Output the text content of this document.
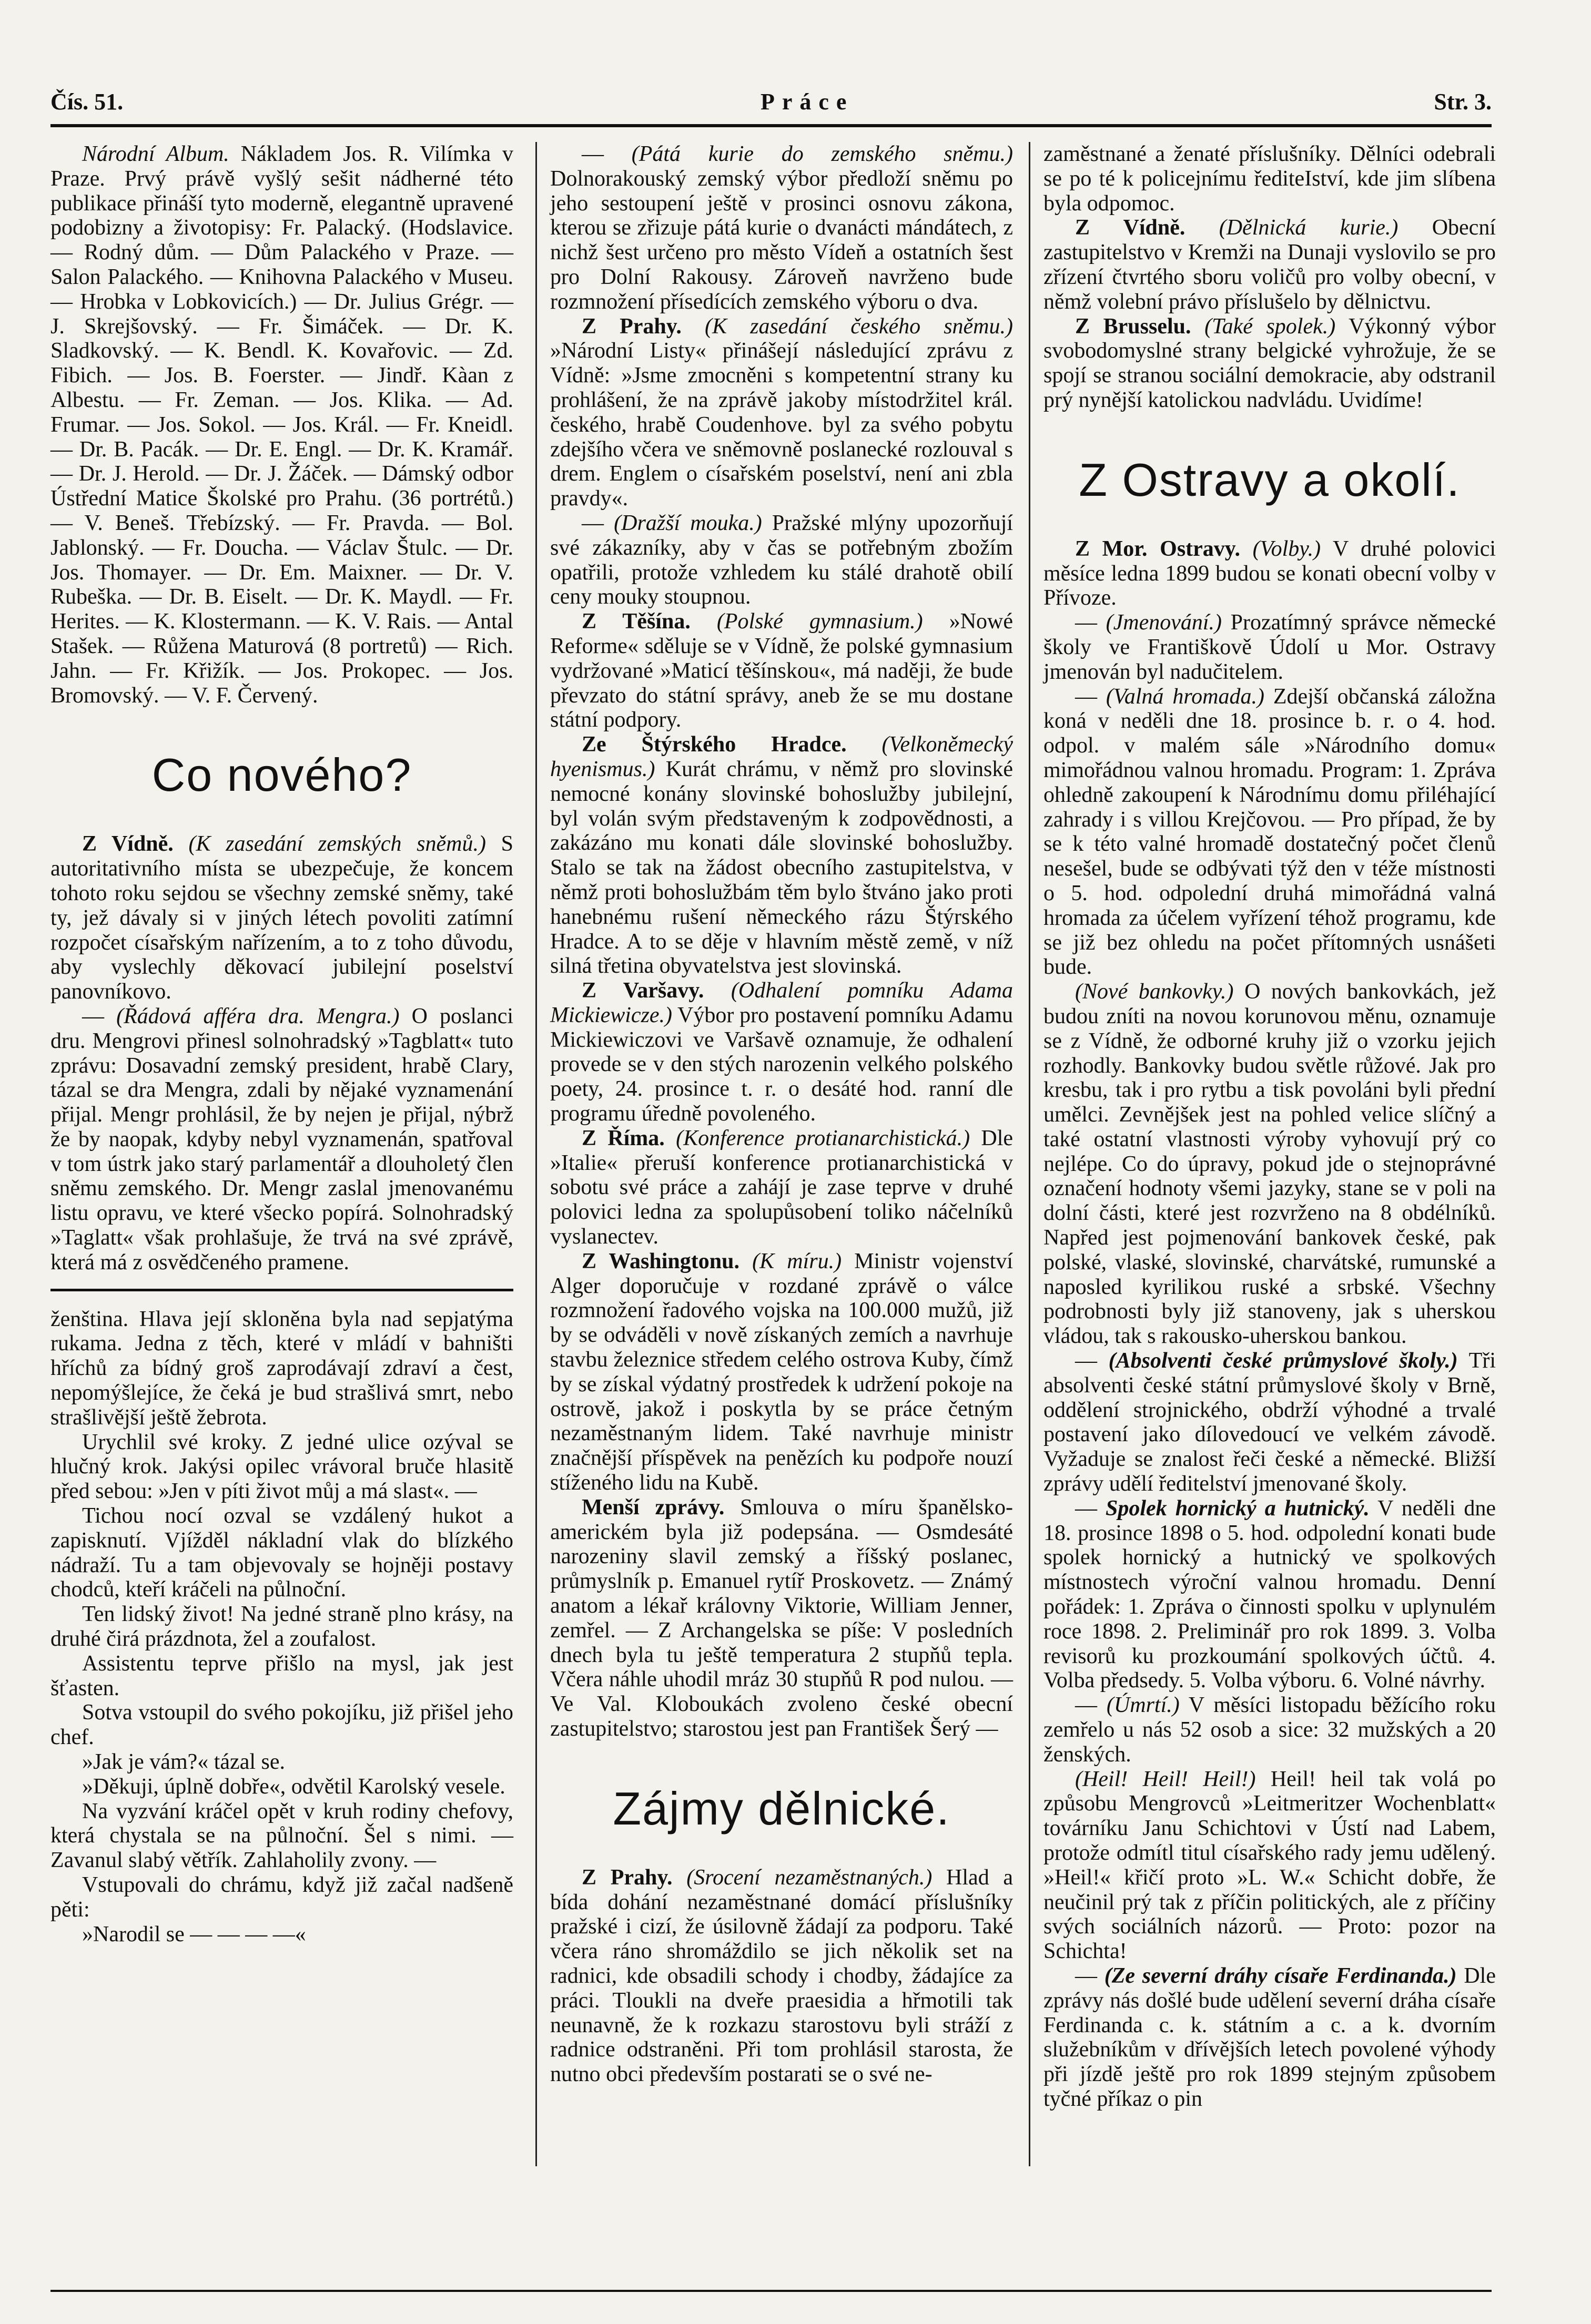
Čís. 51.	Práce	Str. 3.

Národní Album. Nákladem Jos. R. Vilímka v Praze. Prvý právě vyšlý sešit nádherné této publikace přináší tyto moderně, elegantně upravené podobizny a životopisy: Fr. Palacký. (Hodslavice. — Rodný dům. — Dům Palackého v Praze. — Salon Palackého. — Knihovna Palackého v Museu. — Hrobka v Lobkovicích.) — Dr. Julius Grégr. — J. Skrejšovský. — Fr. Šimáček. — Dr. K. Sladkovský. — K. Bendl. K. Kovařovic. — Zd. Fibich. — Jos. B. Foerster. — Jindř. Kàan z Albestu. — Fr. Zeman. — Jos. Klika. — Ad. Frumar. — Jos. Sokol. — Jos. Král. — Fr. Kneidl. — Dr. B. Pacák. — Dr. E. Engl. — Dr. K. Kramář. — Dr. J. Herold. — Dr. J. Žáček. — Dámský odbor Ústřední Matice Školské pro Prahu. (36 portrétů.) — V. Beneš. Třebízský. — Fr. Pravda. — Bol. Jablonský. — Fr. Doucha. — Václav Štulc. — Dr. Jos. Thomayer. — Dr. Em. Maixner. — Dr. V. Rubeška. — Dr. B. Eiselt. — Dr. K. Maydl. — Fr. Herites. — K. Klostermann. — K. V. Rais. — Antal Stašek. — Růžena Maturová (8 portretů) — Rich. Jahn. — Fr. Křižík. — Jos. Prokopec. — Jos. Bromovský. — V. F. Červený.

Co nového?

Z Vídně. (K zasedání zemských sněmů.) S autoritativního místa se ubezpečuje, že koncem tohoto roku sejdou se všechny zemské sněmy, také ty, jež dávaly si v jiných létech povoliti zatímní rozpočet císařským nařízením, a to z toho důvodu, aby vyslechly děkovací jubilejní poselství panovníkovo.

— (Řádová afféra dra. Mengra.) O poslanci dru. Mengrovi přinesl solnohradský »Tagblatt« tuto zprávu: Dosavadní zemský president, hrabě Clary, tázal se dra Mengra, zdali by nějaké vyznamenání přijal. Mengr prohlásil, že by nejen je přijal, nýbrž že by naopak, kdyby nebyl vyznamenán, spatřoval v tom ústrk jako starý parlamentář a dlouholetý člen sněmu zemského. Dr. Mengr zaslal jmenovanému listu opravu, ve které všecko popírá. Solnohradský »Taglatt« však prohlašuje, že trvá na své zprávě, která má z osvědčeného pramene.

ženština. Hlava její skloněna byla nad sepjatýma rukama. Jedna z těch, které v mládí v bahništi hříchů za bídný groš zaprodávají zdraví a čest, nepomýšlejíce, že čeká je bud strašlivá smrt, nebo strašlivější ještě žebrota.

Urychlil své kroky. Z jedné ulice ozýval se hlučný krok. Jakýsi opilec vrávoral bruče hlasitě před sebou: »Jen v píti život můj a má slast«. —

Tichou nocí ozval se vzdálený hukot a zapisknutí. Vjížděl nákladní vlak do blízkého nádraží. Tu a tam objevovaly se hojněji postavy chodců, kteří kráčeli na půlnoční.

Ten lidský život! Na jedné straně plno krásy, na druhé čirá prázdnota, žel a zoufalost.

Assistentu teprve přišlo na mysl, jak jest šťasten.

Sotva vstoupil do svého pokojíku, již přišel jeho chef.

»Jak je vám?« tázal se.

»Děkuji, úplně dobře«, odvětil Karolský vesele.

Na vyzvání kráčel opět v kruh rodiny chefovy, která chystala se na půlnoční. Šel s nimi. — Zavanul slabý větřík. Zahlaholily zvony. —

Vstupovali do chrámu, když již začal nadšeně pěti:

»Narodil se — — — —«

— (Pátá kurie do zemského sněmu.) Dolnorakouský zemský výbor předloží sněmu po jeho sestoupení ještě v prosinci osnovu zákona, kterou se zřizuje pátá kurie o dvanácti mándátech, z nichž šest určeno pro město Vídeň a ostatních šest pro Dolní Rakousy. Zároveň navrženo bude rozmnožení přísedících zemského výboru o dva.

Z Prahy. (K zasedání českého sněmu.) »Národní Listy« přinášejí následující zprávu z Vídně: »Jsme zmocněni s kompetentní strany ku prohlášení, že na zprávě jakoby místodržitel král. českého, hrabě Coudenhove. byl za svého pobytu zdejšího včera ve sněmovně poslanecké rozlouval s drem. Englem o císařském poselství, není ani zbla pravdy«.

— (Dražší mouka.) Pražské mlýny upozorňují své zákazníky, aby v čas se potřebným zbožím opatřili, protože vzhledem ku stálé drahotě obilí ceny mouky stoupnou.

Z Těšína. (Polské gymnasium.) »Nowé Reforme« sděluje se v Vídně, že polské gymnasium vydržované »Maticí těšínskou«, má naději, že bude převzato do státní správy, aneb že se mu dostane státní podpory.

Ze Štýrského Hradce. (Velkoněmecký hyenismus.) Kurát chrámu, v němž pro slovinské nemocné konány slovinské bohoslužby jubilejní, byl volán svým představeným k zodpovědnosti, a zakázáno mu konati dále slovinské bohoslužby. Stalo se tak na žádost obecního zastupitelstva, v němž proti bohoslužbám těm bylo štváno jako proti hanebnému rušení německého rázu Štýrského Hradce. A to se děje v hlavním městě země, v níž silná třetina obyvatelstva jest slovinská.

Z Varšavy. (Odhalení pomníku Adama Mickiewicze.) Výbor pro postavení pomníku Adamu Mickiewiczovi ve Varšavě oznamuje, že odhalení provede se v den stých narozenin velkého polského poety, 24. prosince t. r. o desáté hod. ranní dle programu úředně povoleného.

Z Říma. (Konference protianarchistická.) Dle »Italie« přeruší konference protianarchistická v sobotu své práce a zahájí je zase teprve v druhé polovici ledna za spolupůsobení toliko náčelníků vyslanectev.

Z Washingtonu. (K míru.) Ministr vojenství Alger doporučuje v rozdané zprávě o válce rozmnožení řadového vojska na 100.000 mužů, již by se odváděli v nově získaných zemích a navrhuje stavbu železnice středem celého ostrova Kuby, čímž by se získal výdatný prostředek k udržení pokoje na ostrově, jakož i poskytla by se práce četným nezaměstnaným lidem. Také navrhuje ministr značnější příspěvek na penězích ku podpoře nouzí stíženého lidu na Kubě.

Menší zprávy. Smlouva o míru španělsko-americkém byla již podepsána. — Osmdesáté narozeniny slavil zemský a říšský poslanec, průmyslník p. Emanuel rytíř Proskovetz. — Známý anatom a lékař královny Viktorie, William Jenner, zemřel. — Z Archangelska se píše: V posledních dnech byla tu ještě temperatura 2 stupňů tepla. Včera náhle uhodil mráz 30 stupňů R pod nulou. — Ve Val. Kloboukách zvoleno české obecní zastupitelstvo; starostou jest pan František Šerý —

Zájmy dělnické.

Z Prahy. (Srocení nezaměstnaných.) Hlad a bída dohání nezaměstnané domácí příslušníky pražské i cizí, že úsilovně žádají za podporu. Také včera ráno shromáždilo se jich několik set na radnici, kde obsadili schody i chodby, žádajíce za práci. Tloukli na dveře praesidia a hřmotili tak neunavně, že k rozkazu starostovu byli stráží z radnice odstraněni. Při tom prohlásil starosta, že nutno obci především postarati se o své ne-

zaměstnané a ženaté příslušníky. Dělníci odebrali se po té k policejnímu řediteIství, kde jim slíbena byla odpomoc.

Z Vídně. (Dělnická kurie.) Obecní zastupitelstvo v Kremži na Dunaji vyslovilo se pro zřízení čtvrtého sboru voličů pro volby obecní, v němž volební právo příslušelo by dělnictvu.

Z Brusselu. (Také spolek.) Výkonný výbor svobodomyslné strany belgické vyhrožuje, že se spojí se stranou sociální demokracie, aby odstranil prý nynější katolickou nadvládu. Uvidíme!

Z Ostravy a okolí.

Z Mor. Ostravy. (Volby.) V druhé polovici měsíce ledna 1899 budou se konati obecní volby v Přívoze.

— (Jmenování.) Prozatímný správce německé školy ve Františkově Údolí u Mor. Ostravy jmenován byl nadučitelem.

— (Valná hromada.) Zdejší občanská záložna koná v neděli dne 18. prosince b. r. o 4. hod. odpol. v malém sále »Národního domu« mimořádnou valnou hromadu. Program: 1. Zpráva ohledně zakoupení k Národnímu domu přiléhající zahrady i s villou Krejčovou. — Pro případ, že by se k této valné hromadě dostatečný počet členů nesešel, bude se odbývati týž den v téže místnosti o 5. hod. odpolední druhá mimořádná valná hromada za účelem vyřízení téhož programu, kde se již bez ohledu na počet přítomných usnášeti bude.

(Nové bankovky.) O nových bankovkách, jež budou zníti na novou korunovou měnu, oznamuje se z Vídně, že odborné kruhy již o vzorku jejich rozhodly. Bankovky budou světle růžové. Jak pro kresbu, tak i pro rytbu a tisk povoláni byli přední umělci. Zevnějšek jest na pohled velice slíčný a také ostatní vlastnosti výroby vyhovují prý co nejlépe. Co do úpravy, pokud jde o stejnoprávné označení hodnoty všemi jazyky, stane se v poli na dolní části, které jest rozvrženo na 8 obdélníků. Napřed jest pojmenování bankovek české, pak polské, vlaské, slovinské, charvátské, rumunské a naposled kyrilikou ruské a srbské. Všechny podrobnosti byly již stanoveny, jak s uherskou vládou, tak s rakousko-uherskou bankou.

— (Absolventi české průmyslové školy.) Tři absolventi české státní průmyslové školy v Brně, oddělení strojnického, obdrží výhodné a trvalé postavení jako dílovedoucí ve velkém závodě. Vyžaduje se znalost řeči české a německé. Bližší zprávy udělí ředitelství jmenované školy.

— Spolek hornický a hutnický. V neděli dne 18. prosince 1898 o 5. hod. odpolední konati bude spolek hornický a hutnický ve spolkových místnostech výroční valnou hromadu. Denní pořádek: 1. Zpráva o činnosti spolku v uplynulém roce 1898. 2. Preliminář pro rok 1899. 3. Volba revisorů ku prozkoumání spolkových účtů. 4. Volba předsedy. 5. Volba výboru. 6. Volné návrhy.

— (Úmrtí.) V měsíci listopadu běžícího roku zemřelo u nás 52 osob a sice: 32 mužských a 20 ženských.

(Heil! Heil! Heil!) Heil! heil tak volá po způsobu Mengrovců »Leitmeritzer Wochenblatt« továrníku Janu Schichtovi v Ústí nad Labem, protože odmítl titul císařského rady jemu udělený. »Heil!« křičí proto »L. W.« Schicht dobře, že neučinil prý tak z příčin politických, ale z příčiny svých sociálních názorů. — Proto: pozor na Schichta!

— (Ze severní dráhy císaře Ferdinanda.) Dle zprávy nás došlé bude udělení severní dráha císaře Ferdinanda c. k. státním a c. a k. dvorním služebníkům v dřívějších letech povolené výhody při jízdě ještě pro rok 1899 stejným způsobem tyčné příkaz o pin
